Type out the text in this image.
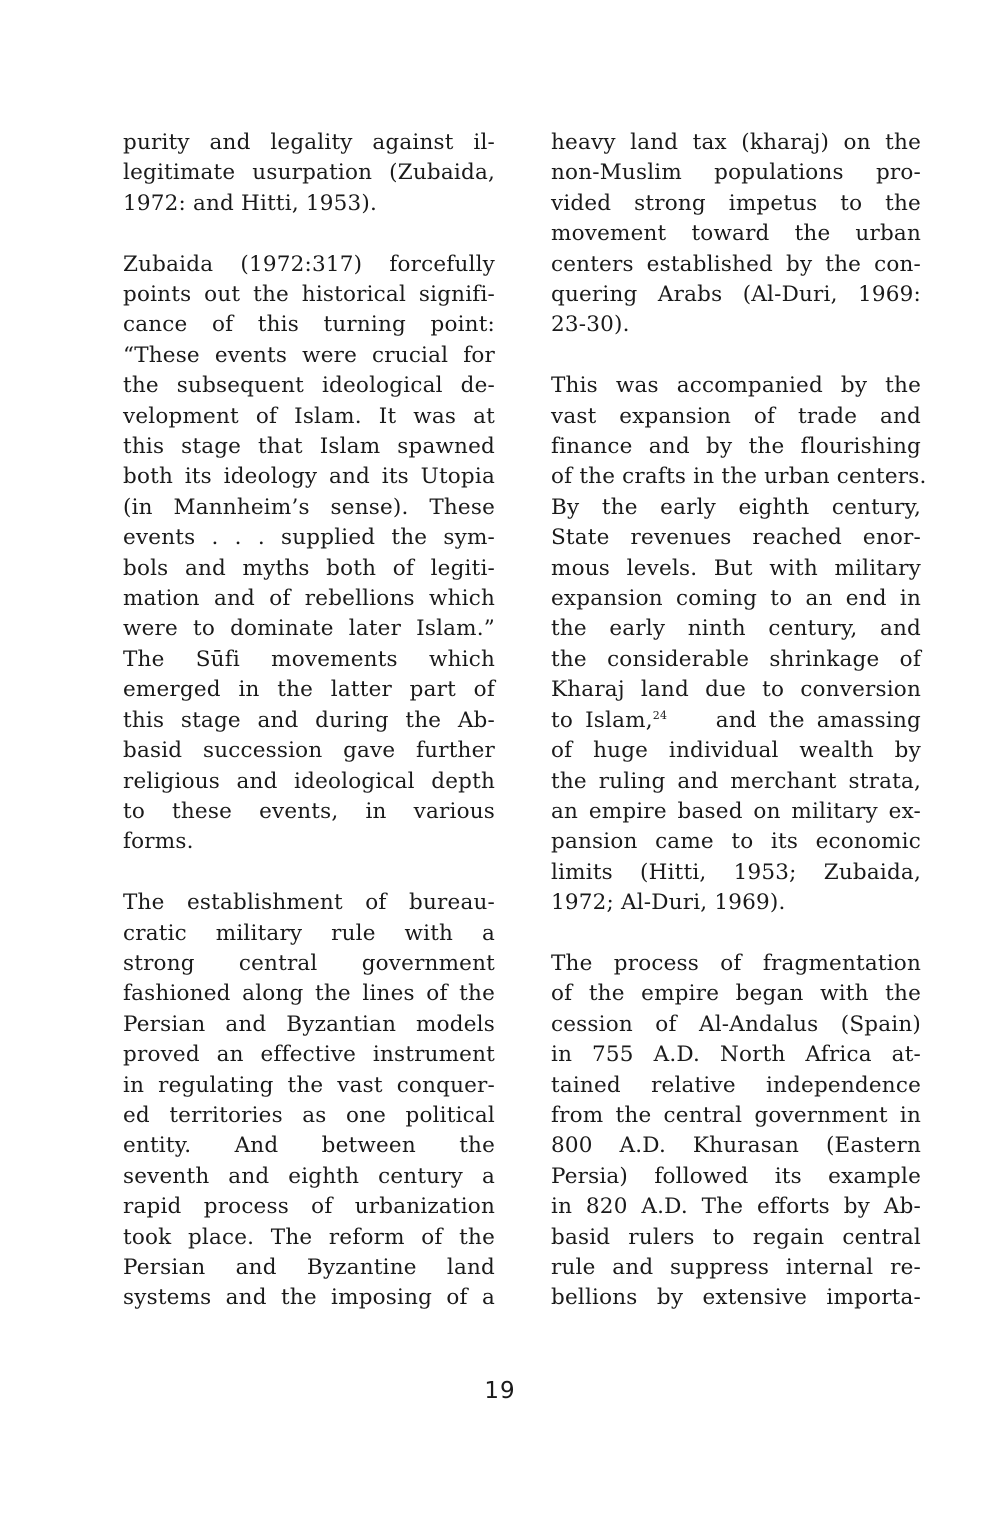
purity and legality against il-
legitimate usurpation (Zubaida,
1972: and Hitti, 1953).

Zubaida (1972:317) forcefully
points out the historical signifi-
cance of this turning point:
“These events were crucial for
the subsequent ideological de-
velopment of Islam. It was at
this stage that Islam spawned
both its ideology and its Utopia
(in Mannheim’s sense). These
events . . . supplied the sym-
bols and myths both of legiti-
mation and of rebellions which
were to dominate later Islam.”
The Sūfi movements which
emerged in the latter part of
this stage and during the Ab-
basid succession gave further
religious and ideological depth
to these events, in various
forms.

The establishment of bureau-
cratic military rule with a
strong central government
fashioned along the lines of the
Persian and Byzantian models
proved an effective instrument
in regulating the vast conquer-
ed territories as one political
entity. And between the
seventh and eighth century a
rapid process of urbanization
took place. The reform of the
Persian and Byzantine land
systems and the imposing of a

heavy land tax (kharaj) on the
non-Muslim populations pro-
vided strong impetus to the
movement toward the urban
centers established by the con-
quering Arabs (Al-Duri, 1969:
23-30).

This was accompanied by the
vast expansion of trade and
finance and by the flourishing
of the crafts in the urban centers.
By the early eighth century,
State revenues reached enor-
mous levels. But with military
expansion coming to an end in
the early ninth century, and
the considerable shrinkage of
Kharaj land due to conversion
to Islam,$^{24}$ and the amassing
of huge individual wealth by
the ruling and merchant strata,
an empire based on military ex-
pansion came to its economic
limits (Hitti, 1953; Zubaida,
1972; Al-Duri, 1969).

The process of fragmentation
of the empire began with the
cession of Al-Andalus (Spain)
in 755 A.D. North Africa at-
tained relative independence
from the central government in
800 A.D. Khurasan (Eastern
Persia) followed its example
in 820 A.D. The efforts by Ab-
basid rulers to regain central
rule and suppress internal re-
bellions by extensive importa-

19
